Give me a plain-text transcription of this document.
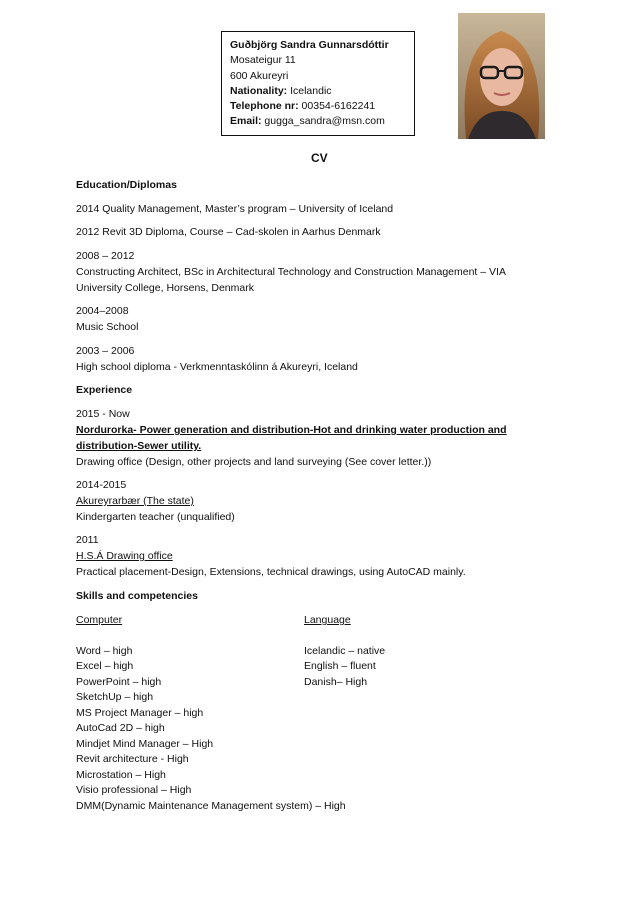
Guðbjörg Sandra Gunnarsdóttir
Mosateigur 11
600 Akureyri
Nationality: Icelandic
Telephone nr: 00354-6162241
Email: gugga_sandra@msn.com
CV
Education/Diplomas
2014 Quality Management, Master’s program – University of Iceland
2012 Revit 3D Diploma, Course – Cad-skolen in Aarhus Denmark
2008 – 2012
Constructing Architect, BSc in Architectural Technology and Construction Management – VIA
University College, Horsens, Denmark
2004–2008
Music School
2003 – 2006
High school diploma - Verkmenntaskólinn á Akureyri, Iceland
Experience
2015 - Now
Nordurorka- Power generation and distribution-Hot and drinking water production and
distribution-Sewer utility.
Drawing office (Design, other projects and land surveying (See cover letter.))
2014-2015
Akureyrarbær (The state)
Kindergarten teacher (unqualified)
2011
H.S.Á Drawing office
Practical placement-Design, Extensions, technical drawings, using AutoCAD mainly.
Skills and competencies
Computer	Language
Word – high
Excel – high
PowerPoint – high
SketchUp – high
MS Project Manager – high
AutoCad 2D – high
Mindjet Mind Manager – High
Revit architecture - High
Microstation – High
Visio professional – High
DMM(Dynamic Maintenance Management system) – High
Icelandic – native
English – fluent
Danish– High
